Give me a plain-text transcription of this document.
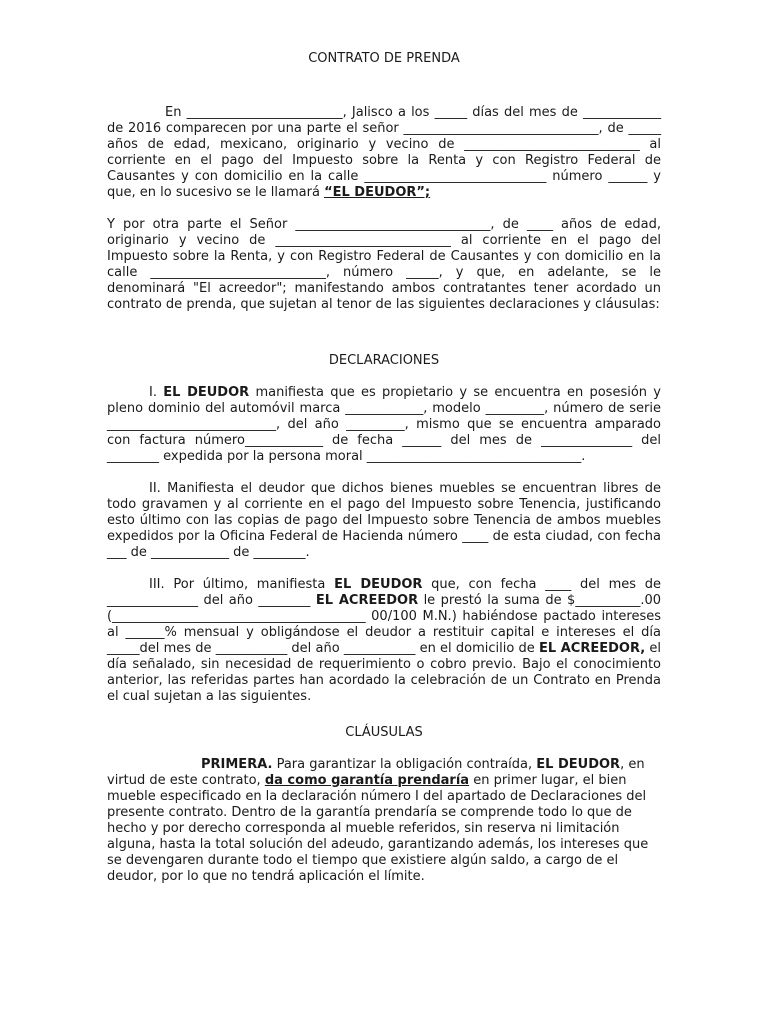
CONTRATO DE PRENDA

En ________________________, Jalisco a los _____ días del mes de ____________ de 2016 comparecen por una parte el señor ______________________________, de _____ años de edad, mexicano, originario y vecino de ___________________________ al corriente en el pago del Impuesto sobre la Renta y con Registro Federal de Causantes y con domicilio en la calle ____________________________ número ______ y que, en lo sucesivo se le llamará “EL DEUDOR”;

Y por otra parte el Señor ______________________________, de ____ años de edad, originario y vecino de ___________________________ al corriente en el pago del Impuesto sobre la Renta, y con Registro Federal de Causantes y con domicilio en la calle ___________________________, número _____, y que, en adelante, se le denominará "El acreedor"; manifestando ambos contratantes tener acordado un contrato de prenda, que sujetan al tenor de las siguientes declaraciones y cláusulas:

DECLARACIONES

I. EL DEUDOR manifiesta que es propietario y se encuentra en posesión y pleno dominio del automóvil marca ____________, modelo _________, número de serie __________________________, del año _________, mismo que se encuentra amparado con factura número____________ de fecha ______ del mes de ______________ del ________ expedida por la persona moral _________________________________.

II. Manifiesta el deudor que dichos bienes muebles se encuentran libres de todo gravamen y al corriente en el pago del Impuesto sobre Tenencia, justificando esto último con las copias de pago del Impuesto sobre Tenencia de ambos muebles expedidos por la Oficina Federal de Hacienda número ____ de esta ciudad, con fecha ___ de ____________ de ________.

III. Por último, manifiesta EL DEUDOR que, con fecha ____ del mes de ______________ del año ________ EL ACREEDOR le prestó la suma de $__________.00 (_______________________________________ 00/100 M.N.) habiéndose pactado intereses al ______% mensual y obligándose el deudor a restituir capital e intereses el día _____del mes de ___________ del año ___________ en el domicilio de EL ACREEDOR, el día señalado, sin necesidad de requerimiento o cobro previo. Bajo el conocimiento anterior, las referidas partes han acordado la celebración de un Contrato en Prenda el cual sujetan a las siguientes.

CLÁUSULAS

PRIMERA. Para garantizar la obligación contraída, EL DEUDOR, en virtud de este contrato, da como garantía prendaría en primer lugar, el bien mueble especificado en la declaración número I del apartado de Declaraciones del presente contrato. Dentro de la garantía prendaría se comprende todo lo que de hecho y por derecho corresponda al mueble referidos, sin reserva ni limitación alguna, hasta la total solución del adeudo, garantizando además, los intereses que se devengaren durante todo el tiempo que existiere algún saldo, a cargo de el deudor, por lo que no tendrá aplicación el límite.
